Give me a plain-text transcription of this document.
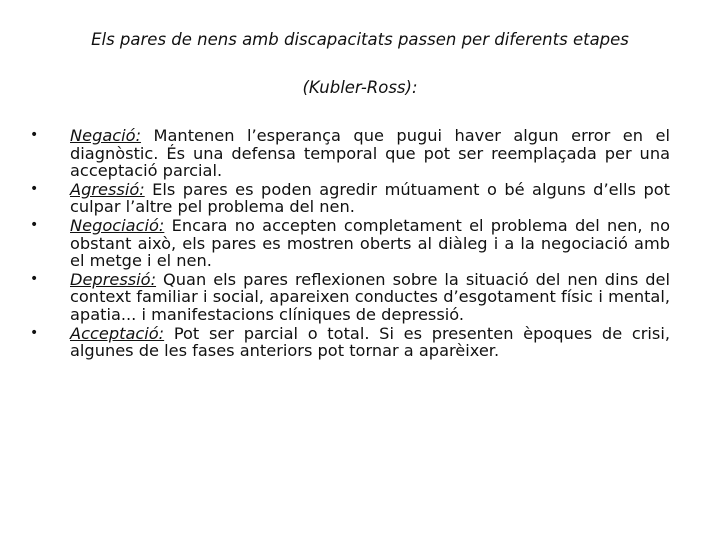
Els pares de nens amb discapacitats passen per diferents etapes

(Kubler-Ross):

• Negació: Mantenen l’esperança que pugui haver algun error en el diagnòstic. És una defensa temporal que pot ser reemplaçada per una acceptació parcial.
• Agressió: Els pares es poden agredir mútuament o bé alguns d’ells pot culpar l’altre pel problema del nen.
• Negociació: Encara no accepten completament el problema del nen, no obstant això, els pares es mostren oberts al diàleg i a la negociació amb el metge i el nen.
• Depressió: Quan els pares reflexionen sobre la situació del nen dins del context familiar i social, apareixen conductes d’esgotament físic i mental, apatia... i manifestacions clíniques de depressió.
• Acceptació: Pot ser parcial o total. Si es presenten èpoques de crisi, algunes de les fases anteriors pot tornar a aparèixer.
